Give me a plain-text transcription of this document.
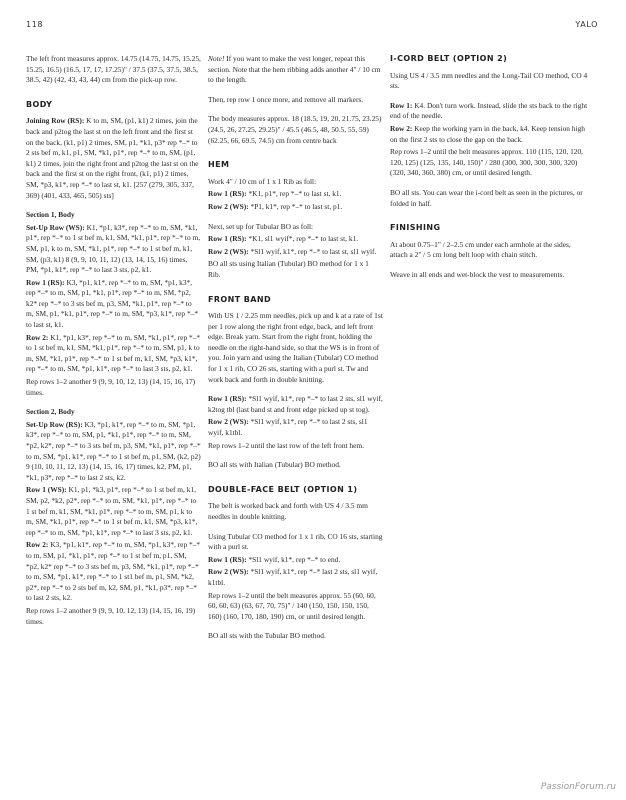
118	YALO

The left front measures approx. 14.75 (14.75, 14.75, 15.25, 15.25, 16.5) (16.5, 17, 17, 17.25)" / 37.5 (37.5, 37.5, 38.5, 38.5, 42) (42, 43, 43, 44) cm from the pick-up row.

BODY

Joining Row (RS): K to m, SM, (p1, k1) 2 times, join the back and p2tog the last st on the left front and the first st on the back, (k1, p1) 2 times, SM, p1, *k1, p3* rep *–* to 2 sts bef m, k1, p1, SM, *k1, p1*, rep *–* to m, SM, (p1, k1) 2 times, join the right front and p2tog the last st on the back and the first st on the right front, (k1, p1) 2 times, SM, *p3, k1*, rep *–* to last st, k1. [257 (279, 305, 337, 369) (401, 433, 465, 505) sts]

Section 1, Body

Set-Up Row (WS): K1, *p1, k3*, rep *–* to m, SM, *k1, p1*, rep *–* to 1 st bef m, k1, SM, *k1, p1*, rep *–* to m, SM, p1, k to m, SM, *k1, p1*, rep *–* to 1 st bef m, k1, SM, (p3, k1) 8 (9, 9, 10, 11, 12) (13, 14, 15, 16) times, PM, *p1, k1*, rep *–* to last 3 sts, p2, k1.

Row 1 (RS): K3, *p1, k1*, rep *–* to m, SM, *p1, k3*, rep *–* to m, SM, p1, *k1, p1*, rep *–* to m, SM, *p2, k2* rep *–* to 3 sts bef m, p3, SM, *k1, p1*, rep *–* to m, SM, p1, *k1, p1*, rep *–* to m, SM, *p3, k1*, rep *–* to last st, k1.

Row 2: K1, *p1, k3*, rep *–* to m, SM, *k1, p1*, rep *–* to 1 st bef m, k1, SM, *k1, p1*, rep *–* to m, SM, p1, k to m, SM, *k1, p1*, rep *–* to 1 st bef m, k1, SM, *p3, k1*, rep *–* to m, SM, *p1, k1*, rep *–* to last 3 sts, p2, k1.

Rep rows 1–2 another 9 (9, 9, 10, 12, 13) (14, 15, 16, 17) times.

Section 2, Body

Set-Up Row (RS): K3, *p1, k1*, rep *–* to m, SM, *p1, k3*, rep *–* to m, SM, p1, *k1, p1*, rep *–* to m, SM, *p2, k2*, rep *–* to 3 sts bef m, p3, SM, *k1, p1*, rep *–* to m, SM, *p1, k1*, rep *–* to 1 st bef m, p1, SM, (k2, p2) 9 (10, 10, 11, 12, 13) (14, 15, 16, 17) times, k2, PM, p1, *k1, p3*, rep *–* to last 2 sts, k2.

Row 1 (WS): K1, p1, *k3, p1*, rep *–* to 1 st bef m, k1, SM, p2, *k2, p2*, rep *–* to m, SM, *k1, p1*, rep *–* to 1 st bef m, k1, SM, *k1, p1*, rep *–* to m, SM, p1, k to m, SM, *k1, p1*, rep *–* to 1 st bef m, k1, SM, *p3, k1*, rep *–* to m, SM, *p1, k1*, rep *–* to last 3 sts, p2, k1.

Row 2: K3, *p1, k1*, rep *–* to m, SM, *p1, k3*, rep *–* to m, SM, p1, *k1, p1*, rep *–* to 1 st bef m, p1, SM, *p2, k2* rep *–* to 3 sts bef m, p3, SM, *k1, p1*, rep *–* to m, SM, *p1, k1*, rep *–* to 1 st1 bef m, p1, SM, *k2, p2*, rep *–* to 2 sts bef m, k2, SM, p1, *k1, p3*, rep *–* to last 2 sts, k2.

Rep rows 1–2 another 9 (9, 9, 10, 12, 13) (14, 15, 16, 19) times.

Note! If you want to make the vest longer, repeat this section. Note that the hem ribbing adds another 4" / 10 cm to the length.

Then, rep row 1 once more, and remove all markers.

The body measures approx. 18 (18.5, 19, 20, 21.75, 23.25) (24.5, 26, 27.25, 29.25)" / 45.5 (46.5, 48, 50.5, 55, 59) (62.25, 66, 69.5, 74.5) cm from centre back

HEM

Work 4" / 10 cm of 1 x 1 Rib as foll:

Row 1 (RS): *K1, p1*, rep *–* to last st, k1.

Row 2 (WS): *P1, k1*, rep *–* to last st, p1.

Next, set up for Tubular BO as foll:

Row 1 (RS): *K1, sl1 wyif*, rep *–* to last st, k1.

Row 2 (WS): *Sl1 wyif, k1*, rep *–* to last st, sl1 wyif.

BO all sts using Italian (Tubular) BO method for 1 x 1 Rib.

FRONT BAND

With US 1 / 2.25 mm needles, pick up and k at a rate of 1st per 1 row along the right front edge, back, and left front edge. Break yarn. Start from the right front, holding the needle on the right-hand side, so that the WS is in front of you. Join yarn and using the Italian (Tubular) CO method for 1 x 1 rib, CO 26 sts, starting with a purl st. Tw and work back and forth in double knitting.

Row 1 (RS): *Sl1 wyif, k1*, rep *–* to last 2 sts, sl1 wyif, k2tog tbl (last band st and front edge picked up st tog).

Row 2 (WS): *Sl1 wyif, k1*, rep *–* to last 2 sts, sl1 wyif, k1tbl.

Rep rows 1–2 until the last row of the left front hem.

BO all sts with Italian (Tubular) BO method.

DOUBLE-FACE BELT (OPTION 1)

The belt is worked back and forth with US 4 / 3.5 mm needles in double knitting.

Using Tubular CO method for 1 x 1 rib, CO 16 sts, starting with a purl st.

Row 1 (RS): *Sl1 wyif, k1*, rep *–* to end.

Row 2 (WS): *Sl1 wyif, k1*, rep *–* last 2 sts, sl1 wyif, k1tbl.

Rep rows 1–2 until the belt measures approx. 55 (60, 60, 60, 60, 63) (63, 67, 70, 75)" / 140 (150, 150, 150, 150, 160) (160, 170, 180, 190) cm, or until desired length.

BO all sts with the Tubular BO method.

I-CORD BELT (OPTION 2)

Using US 4 / 3.5 mm needles and the Long-Tail CO method, CO 4 sts.

Row 1: K4. Don't turn work. Instead, slide the sts back to the right end of the needle.

Row 2: Keep the working yarn in the back, k4. Keep tension high on the first 2 sts to close the gap on the back.

Rep rows 1–2 until the belt measures approx. 110 (115, 120, 120, 120, 125) (125, 135, 140, 150)" / 280 (300, 300, 300, 300, 320) (320, 340, 360, 380) cm, or until desired length.

BO all sts. You can wear the i-cord belt as seen in the pictures, or folded in half.

FINISHING

At about 0.75–1" / 2–2.5 cm under each armhole at the sides, attach a 2" / 5 cm long belt loop with chain stitch.

Weave in all ends and wet-block the vest to measurements.

PassionForum.ru
